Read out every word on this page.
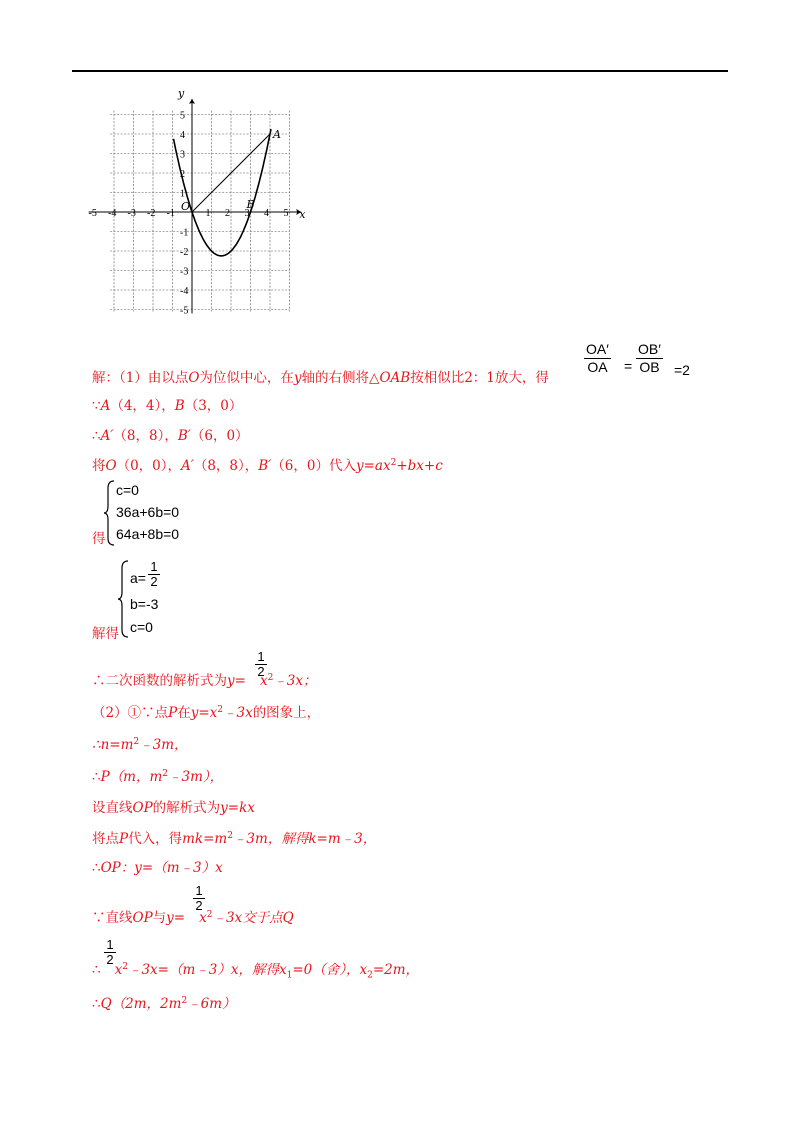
-5 -4 -3 -2 -1	1 2 3 4 5
5
4
3
2
1
-1
-2
-3
-4
-5
x
y
O
A
B
解：（1）由以点O为位似中心，在y轴的右侧将△OAB按相似比2：1放大，得
$\frac{OA'}{OA} = \frac{OB'}{OB} =2$
∵A（4，4），B（3，0）
∴A′（8，8），B′（6，0）
将O（0，0），A′（8，8），B′（6，0）代入$y=ax^2+bx+c$
得
c=0
36a+6b=0
64a+8b=0
解得
a=
1
2
b=-3
c=0
1
2
∴二次函数的解析式为$y= x^2﹣3x$；
（2）①∵点P在$y=x^2﹣3x$的图象上，
$\therefore n=m^2﹣3m$，
∴P（m，$m^2﹣3m$），
设直线OP的解析式为y=kx
将点P代入，得$mk=m^2﹣3m$，解得k=m﹣3，
∴OP：y=（m﹣3）x
1
2
∵直线OP与$y= x^2﹣3x$交于点Q
1
2
∴ $x^2﹣3x=(m﹣3)x$，解得$x_1=0$（舍），$x_2=2m$，
∴Q（2m，$2m^2﹣6m$）
